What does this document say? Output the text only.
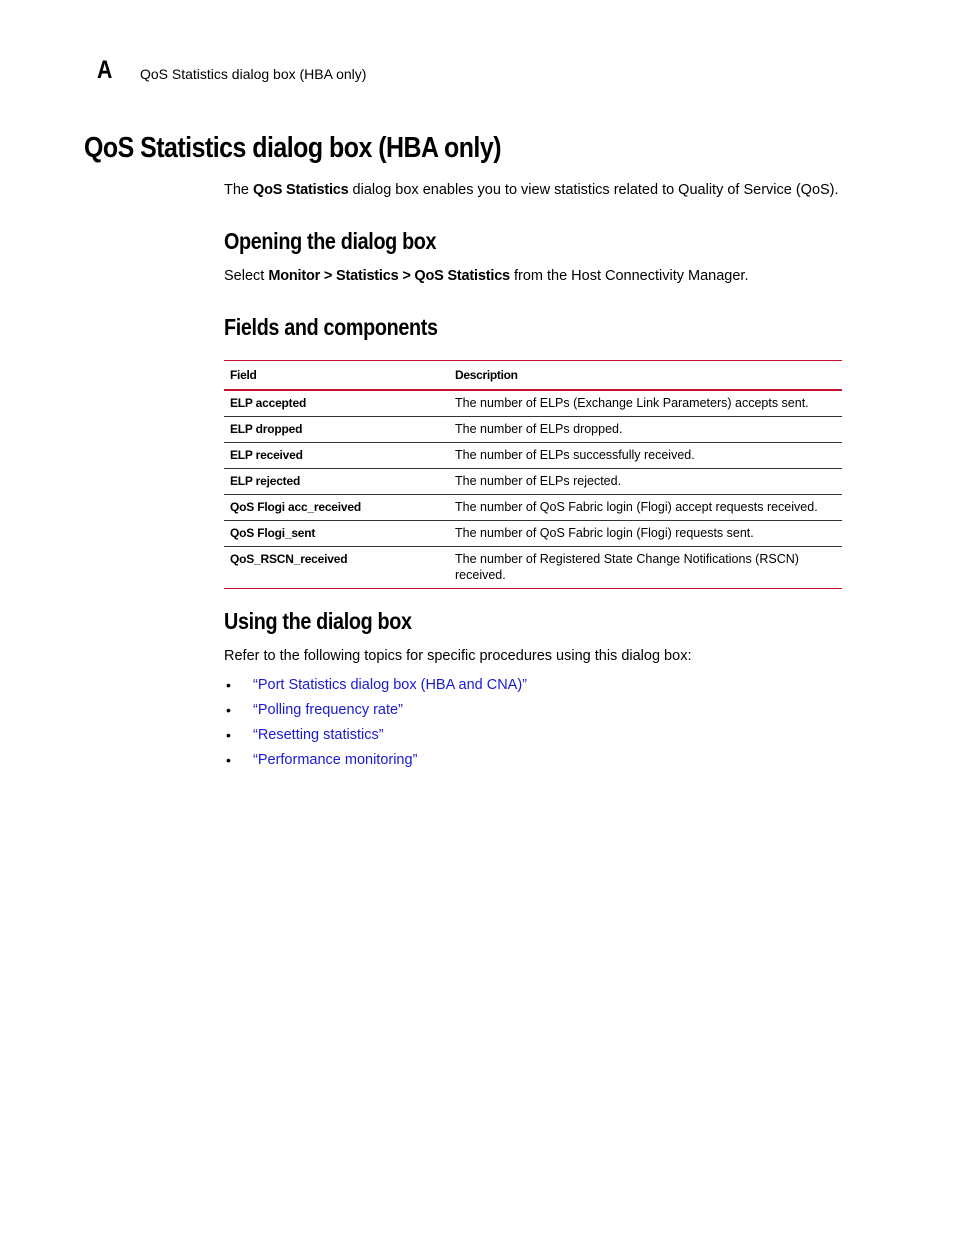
A QoS Statistics dialog box (HBA only)
QoS Statistics dialog box (HBA only)

The QoS Statistics dialog box enables you to view statistics related to Quality of Service (QoS).

Opening the dialog box

Select Monitor > Statistics > QoS Statistics from the Host Connectivity Manager.

Fields and components
Field	Description
ELP accepted	The number of ELPs (Exchange Link Parameters) accepts sent.
ELP dropped	The number of ELPs dropped.
ELP received	The number of ELPs successfully received.
ELP rejected	The number of ELPs rejected.
QoS Flogi acc_received	The number of QoS Fabric login (Flogi) accept requests received.
QoS Flogi_sent	The number of QoS Fabric login (Flogi) requests sent.
QoS_RSCN_received	The number of Registered State Change Notifications (RSCN) received.
Using the dialog box

Refer to the following topics for specific procedures using this dialog box:

• “Port Statistics dialog box (HBA and CNA)”
• “Polling frequency rate”
• “Resetting statistics”
• “Performance monitoring”
